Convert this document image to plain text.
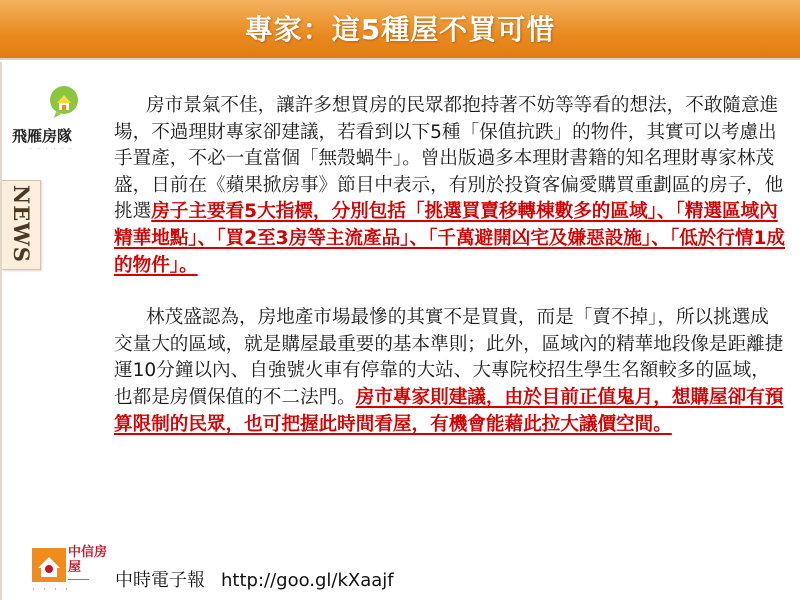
專家：這5種屋不買可惜
飛雁房隊
· · · · · ·
NEWS

房市景氣不佳，讓許多想買房的民眾都抱持著不妨等等看的想法，不敢隨意進場，不過理財專家卻建議，若看到以下5種「保值抗跌」的物件，其實可以考慮出手置產，不必一直當個「無殼蝸牛」。曾出版過多本理財書籍的知名理財專家林茂盛，日前在《蘋果掀房事》節目中表示，有別於投資客偏愛購買重劃區的房子，他挑選房子主要看5大指標，分別包括「挑選買賣移轉棟數多的區域」、「精選區域內精華地點」、「買2至3房等主流產品」、「千萬避開凶宅及嫌惡設施」、「低於行情1成的物件」。

林茂盛認為，房地產市場最慘的其實不是買貴，而是「賣不掉」，所以挑選成交量大的區域，就是購屋最重要的基本準則；此外，區域內的精華地段像是距離捷運10分鐘以內、自強號火車有停靠的大站、大專院校招生學生名額較多的區域，也都是房價保值的不二法門。房市專家則建議，由於目前正值鬼月，想購屋卻有預算限制的民眾，也可把握此時間看屋，有機會能藉此拉大議價空間。

中信房屋
━━━━━━━
· · · · 中時電子報 http://goo.gl/kXaajf
